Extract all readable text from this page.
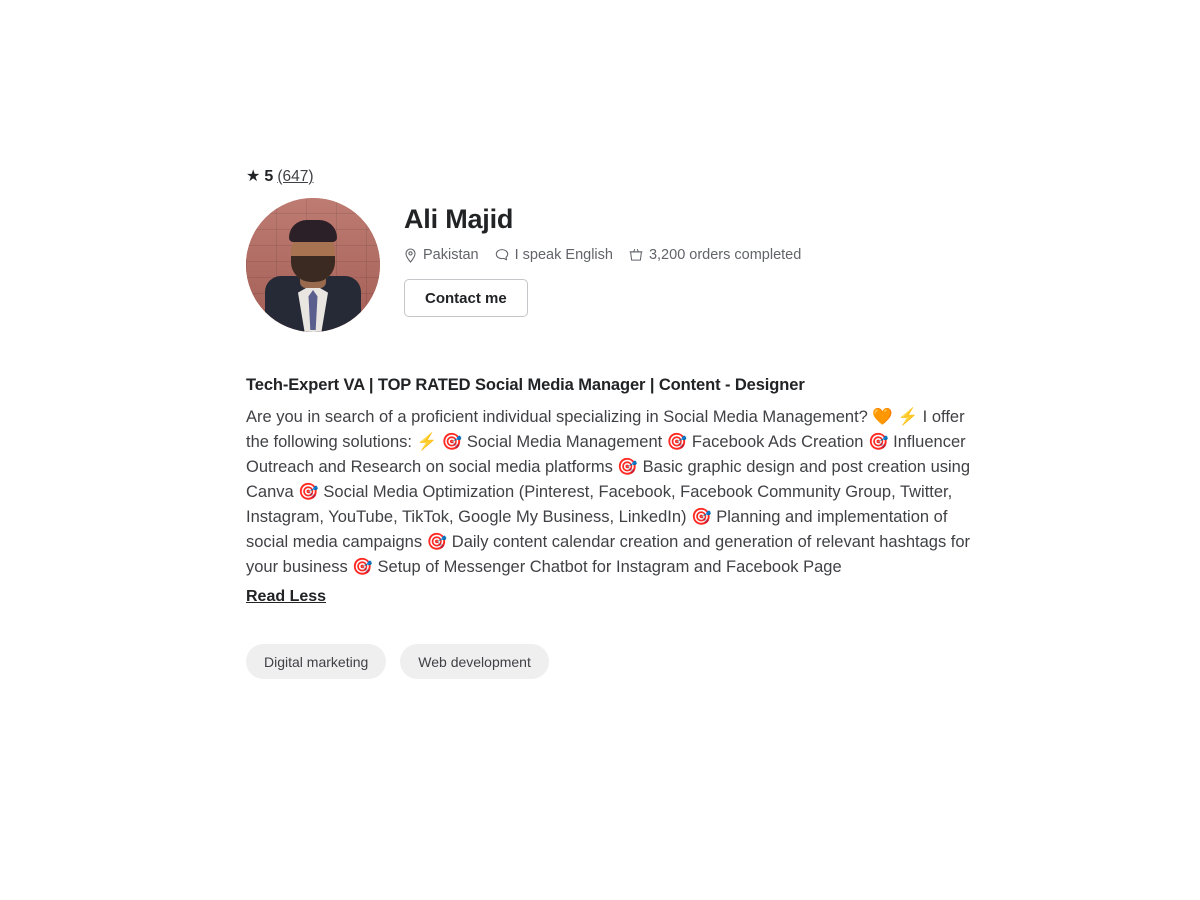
★ 5 (647)
Ali Majid
Pakistan I speak English 3,200 orders completed
Contact me
Tech-Expert VA | TOP RATED Social Media Manager | Content - Designer

Are you in search of a proficient individual specializing in Social Media Management? 🧡 ⚡ I offer the following solutions: ⚡ 🎯 Social Media Management 🎯 Facebook Ads Creation 🎯 Influencer Outreach and Research on social media platforms 🎯 Basic graphic design and post creation using Canva 🎯 Social Media Optimization (Pinterest, Facebook, Facebook Community Group, Twitter, Instagram, YouTube, TikTok, Google My Business, LinkedIn) 🎯 Planning and implementation of social media campaigns 🎯 Daily content calendar creation and generation of relevant hashtags for your business 🎯 Setup of Messenger Chatbot for Instagram and Facebook Page

Read Less
Digital marketing	Web development
